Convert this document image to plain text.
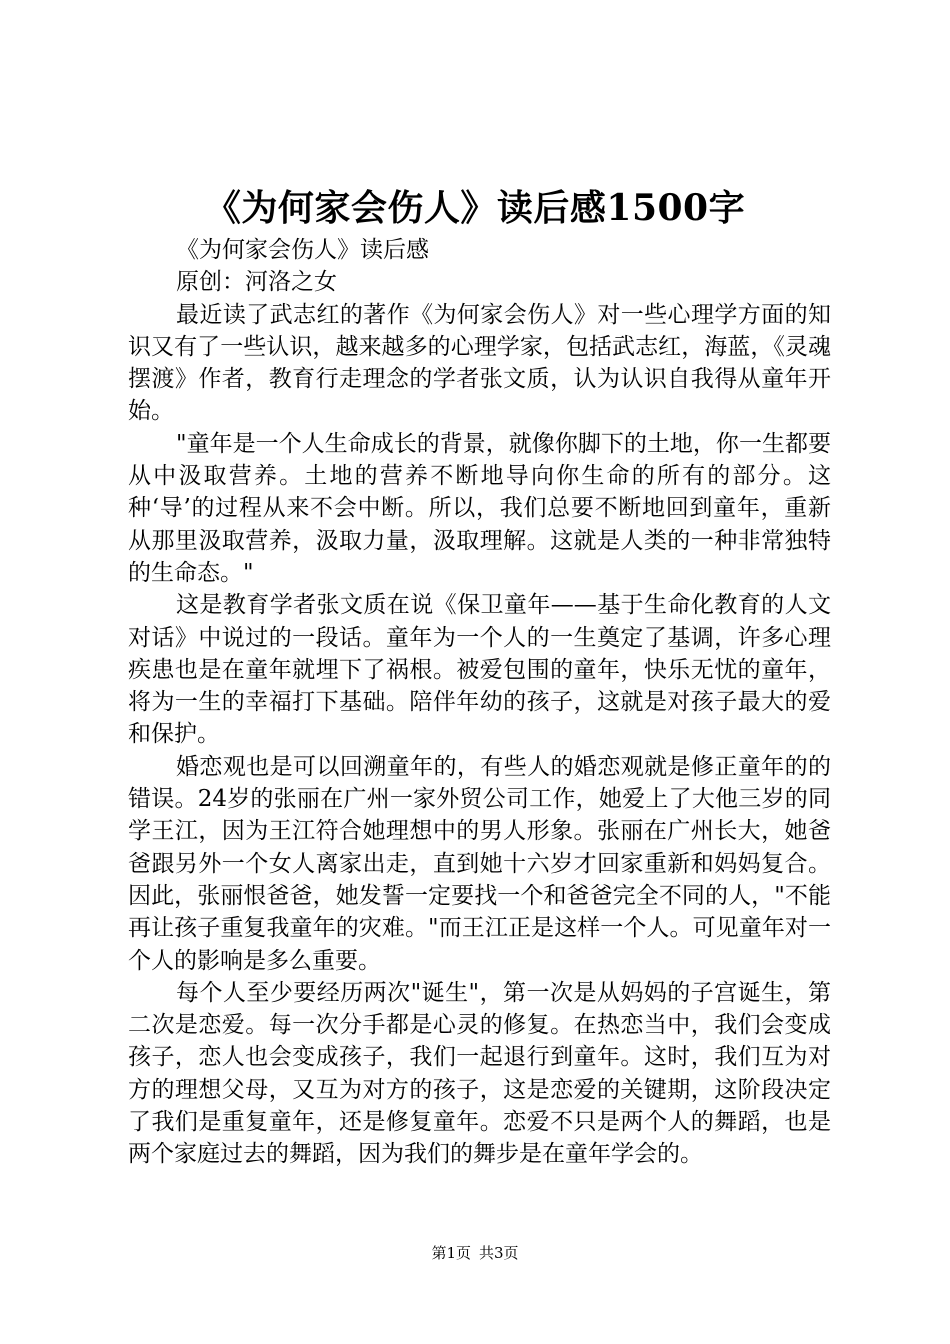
《为何家会伤人》读后感1500字

《为何家会伤人》读后感

原创：河洛之女

最近读了武志红的著作《为何家会伤人》对一些心理学方面的知识又有了一些认识，越来越多的心理学家，包括武志红，海蓝，《灵魂摆渡》作者，教育行走理念的学者张文质，认为认识自我得从童年开始。

"童年是一个人生命成长的背景，就像你脚下的土地，你一生都要从中汲取营养。土地的营养不断地导向你生命的所有的部分。这种‘导’的过程从来不会中断。所以，我们总要不断地回到童年，重新从那里汲取营养，汲取力量，汲取理解。这就是人类的一种非常独特的生命态。"

这是教育学者张文质在说《保卫童年——基于生命化教育的人文对话》中说过的一段话。童年为一个人的一生奠定了基调，许多心理疾患也是在童年就埋下了祸根。被爱包围的童年，快乐无忧的童年，将为一生的幸福打下基础。陪伴年幼的孩子，这就是对孩子最大的爱和保护。

婚恋观也是可以回溯童年的，有些人的婚恋观就是修正童年的的错误。24岁的张丽在广州一家外贸公司工作，她爱上了大他三岁的同学王江，因为王江符合她理想中的男人形象。张丽在广州长大，她爸爸跟另外一个女人离家出走，直到她十六岁才回家重新和妈妈复合。因此，张丽恨爸爸，她发誓一定要找一个和爸爸完全不同的人，"不能再让孩子重复我童年的灾难。"而王江正是这样一个人。可见童年对一个人的影响是多么重要。

每个人至少要经历两次"诞生"，第一次是从妈妈的子宫诞生，第二次是恋爱。每一次分手都是心灵的修复。在热恋当中，我们会变成孩子，恋人也会变成孩子，我们一起退行到童年。这时，我们互为对方的理想父母，又互为对方的孩子，这是恋爱的关键期，这阶段决定了我们是重复童年，还是修复童年。恋爱不只是两个人的舞蹈，也是两个家庭过去的舞蹈，因为我们的舞步是在童年学会的。

第1页 共3页
